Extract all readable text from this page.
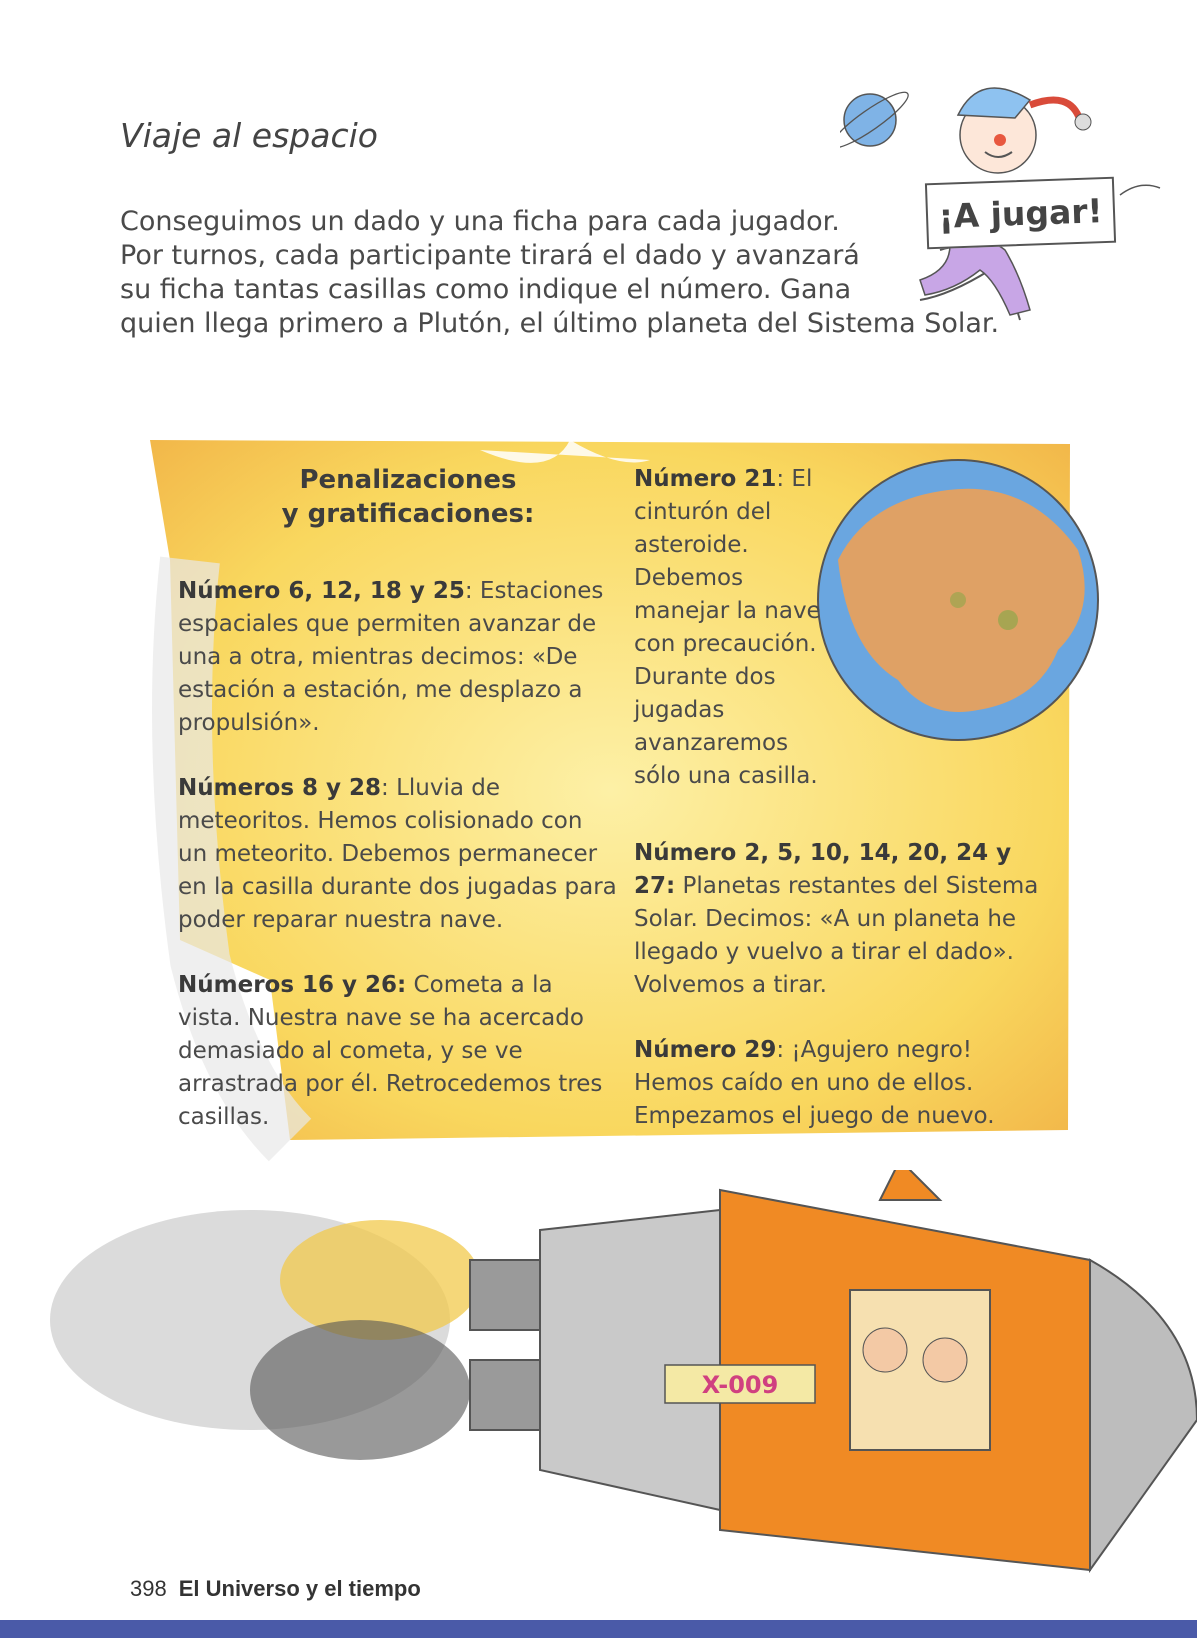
Viaje al espacio
¡A jugar!
Conseguimos un dado y una ficha para cada jugador.
Por turnos, cada participante tirará el dado y avanzará
su ficha tantas casillas como indique el número. Gana
quien llega primero a Plutón, el último planeta del Sistema Solar.
Penalizaciones
y gratificaciones:
Número 6, 12, 18 y 25: Estaciones espaciales que permiten avanzar de una a otra, mientras decimos: «De estación a estación, me desplazo a propulsión».
Números 8 y 28: Lluvia de meteoritos. Hemos colisionado con un meteorito. Debemos permanecer en la casilla durante dos jugadas para poder reparar nuestra nave.
Números 16 y 26: Cometa a la vista. Nuestra nave se ha acercado demasiado al cometa, y se ve arrastrada por él. Retrocedemos tres casillas.
Número 21: El cinturón del asteroide. Debemos manejar la nave con precaución. Durante dos jugadas avanzaremos sólo una casilla.
Número 2, 5, 10, 14, 20, 24 y 27: Planetas restantes del Sistema Solar. Decimos: «A un planeta he llegado y vuelvo a tirar el dado». Volvemos a tirar.
Número 29: ¡Agujero negro! Hemos caído en uno de ellos. Empezamos el juego de nuevo.
X-009
398 El Universo y el tiempo
